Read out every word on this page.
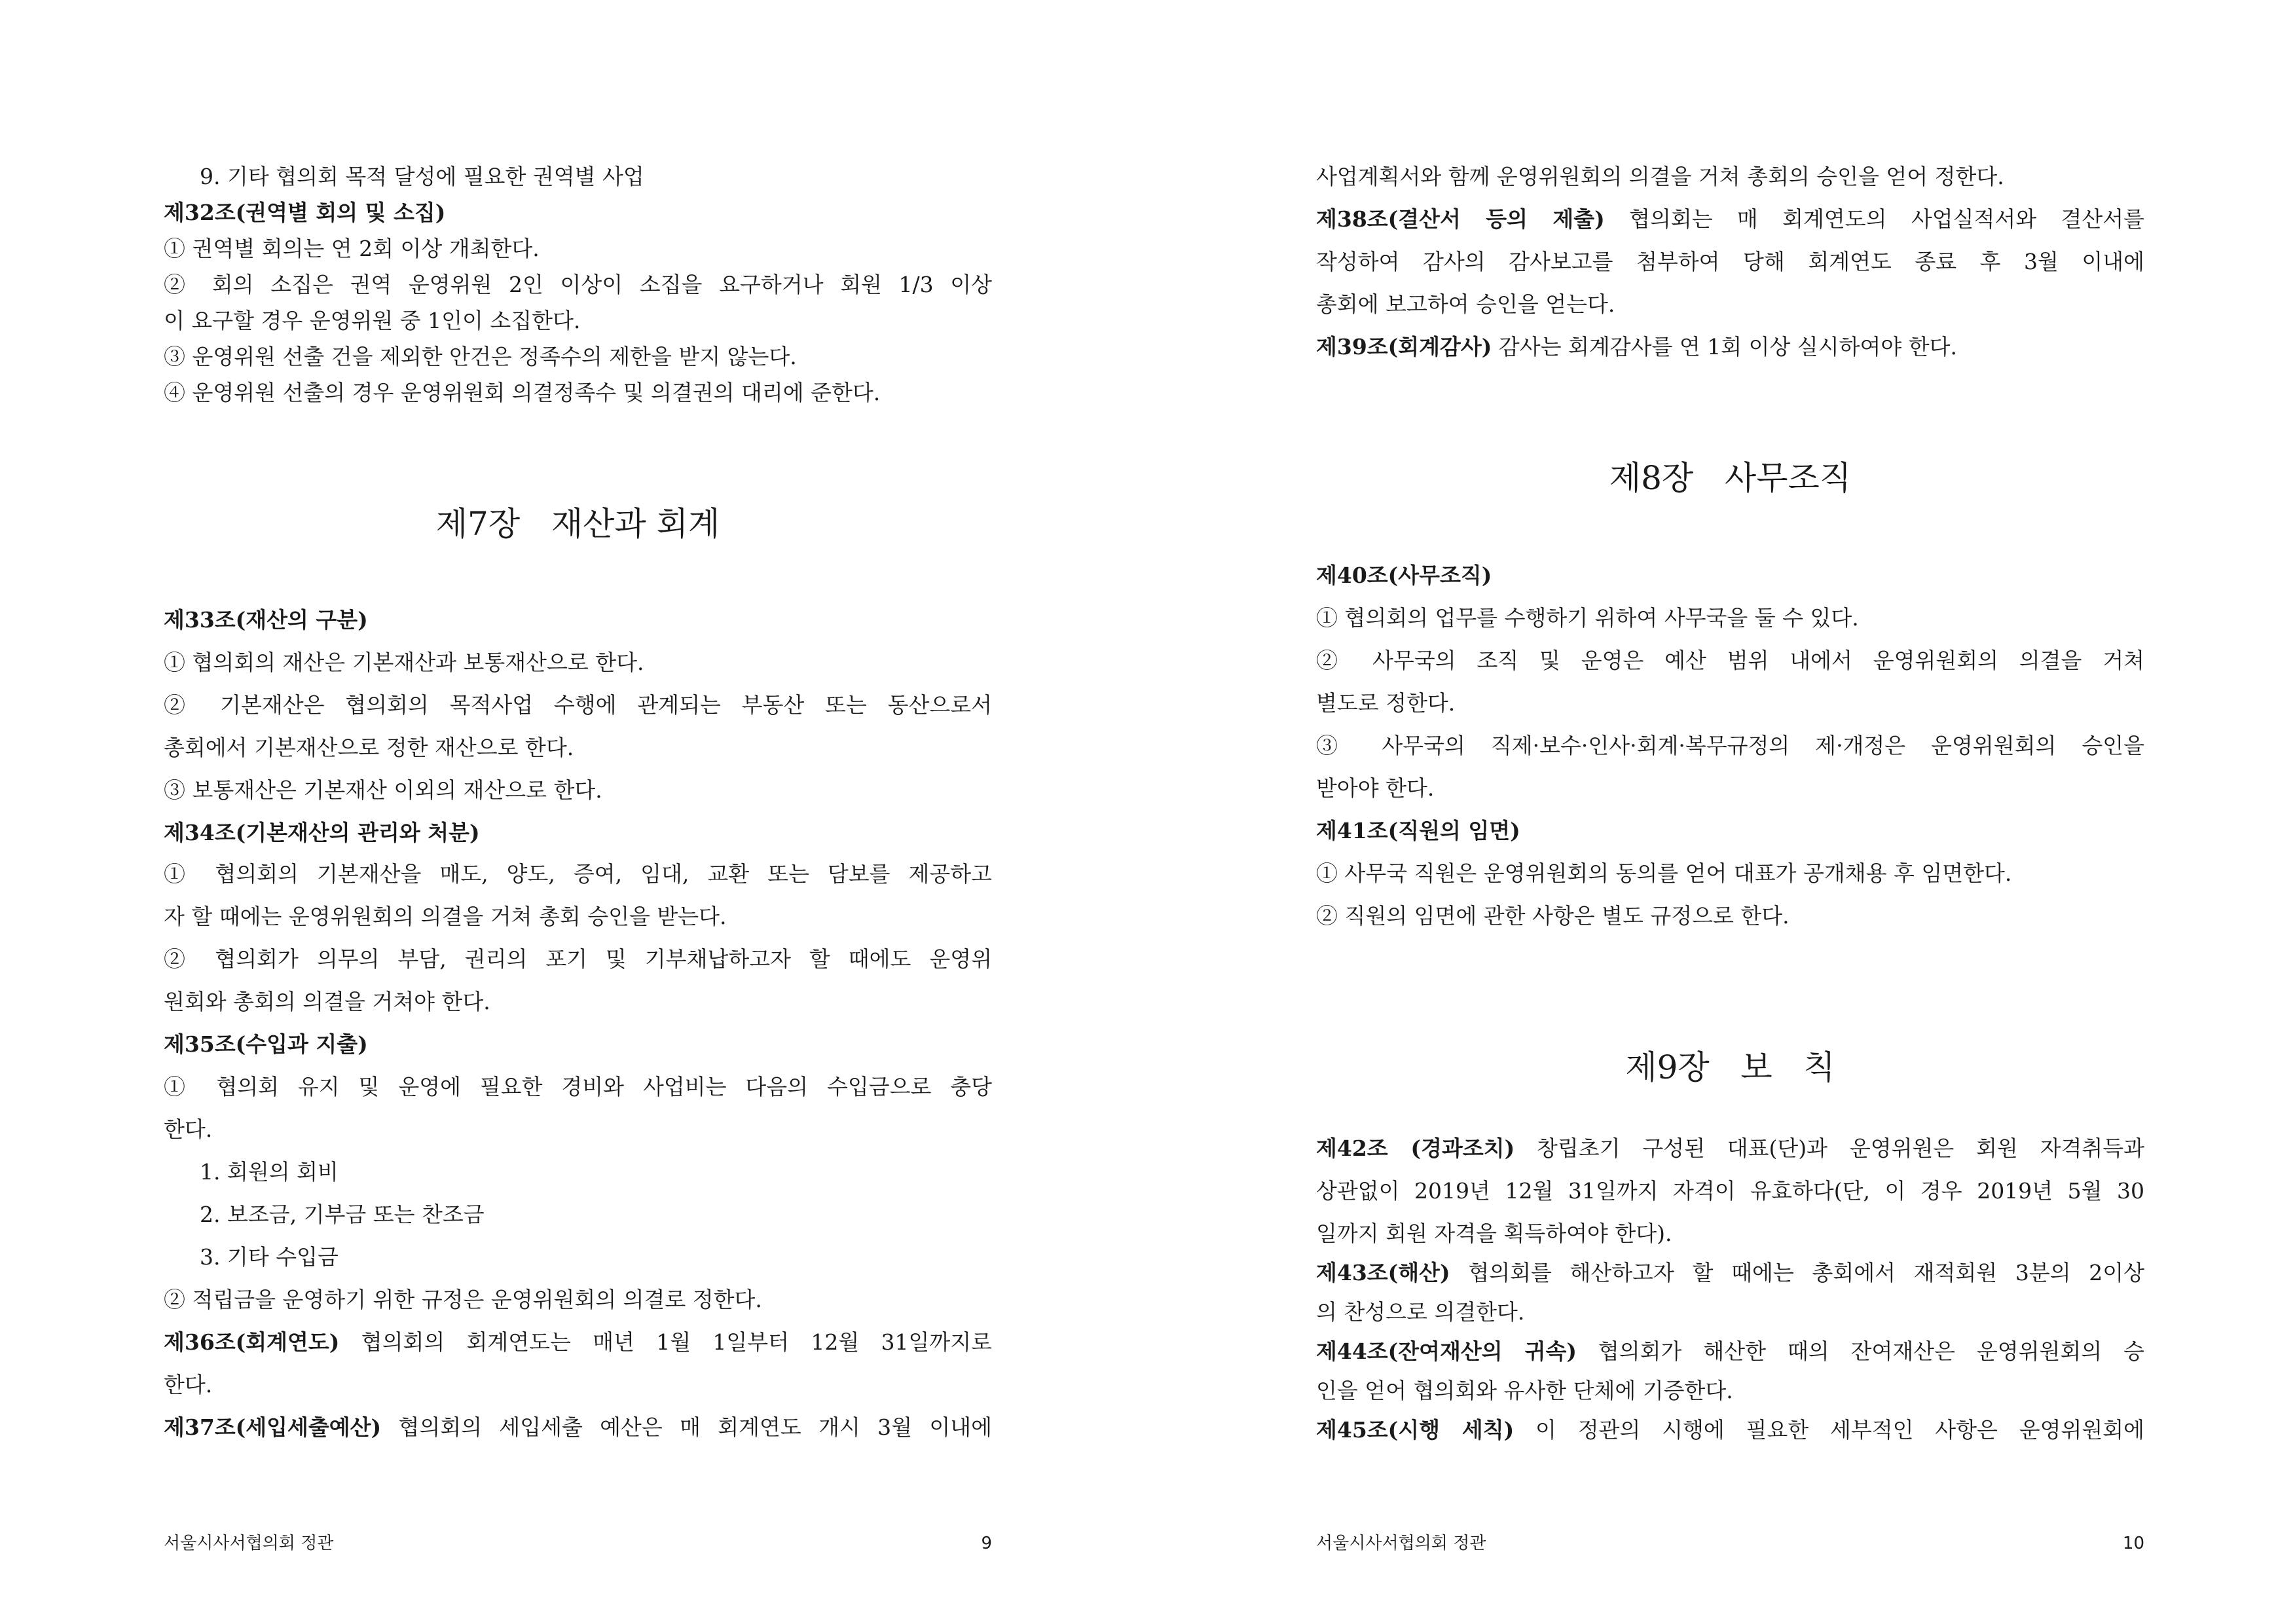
9. 기타 협의회 목적 달성에 필요한 권역별 사업
제32조(권역별 회의 및 소집)
① 권역별 회의는 연 2회 이상 개최한다.
② 회의 소집은 권역 운영위원 2인 이상이 소집을 요구하거나 회원 1/3 이상
이 요구할 경우 운영위원 중 1인이 소집한다.
③ 운영위원 선출 건을 제외한 안건은 정족수의 제한을 받지 않는다.
④ 운영위원 선출의 경우 운영위원회 의결정족수 및 의결권의 대리에 준한다.
제7장   재산과 회계
제33조(재산의 구분)
① 협의회의 재산은 기본재산과 보통재산으로 한다.
② 기본재산은 협의회의 목적사업 수행에 관계되는 부동산 또는 동산으로서
총회에서 기본재산으로 정한 재산으로 한다.
③ 보통재산은 기본재산 이외의 재산으로 한다.
제34조(기본재산의 관리와 처분)
① 협의회의 기본재산을 매도, 양도, 증여, 임대, 교환 또는 담보를 제공하고
자 할 때에는 운영위원회의 의결을 거쳐 총회 승인을 받는다.
② 협의회가 의무의 부담, 권리의 포기 및 기부채납하고자 할 때에도 운영위
원회와 총회의 의결을 거쳐야 한다.
제35조(수입과 지출)
① 협의회 유지 및 운영에 필요한 경비와 사업비는 다음의 수입금으로 충당
한다.
1. 회원의 회비
2. 보조금, 기부금 또는 찬조금
3. 기타 수입금
② 적립금을 운영하기 위한 규정은 운영위원회의 의결로 정한다.
제36조(회계연도) 협의회의 회계연도는 매년 1월 1일부터 12월 31일까지로
한다.
제37조(세입세출예산) 협의회의 세입세출 예산은 매 회계연도 개시 3월 이내에
서울시사서협의회 정관	9
사업계획서와 함께 운영위원회의 의결을 거쳐 총회의 승인을 얻어 정한다.
제38조(결산서 등의 제출) 협의회는 매 회계연도의 사업실적서와 결산서를
작성하여 감사의 감사보고를 첨부하여 당해 회계연도 종료 후 3월 이내에
총회에 보고하여 승인을 얻는다.
제39조(회계감사) 감사는 회계감사를 연 1회 이상 실시하여야 한다.
제8장   사무조직
제40조(사무조직)
① 협의회의 업무를 수행하기 위하여 사무국을 둘 수 있다.
② 사무국의 조직 및 운영은 예산 범위 내에서 운영위원회의 의결을 거쳐
별도로 정한다.
③ 사무국의 직제·보수·인사·회계·복무규정의 제·개정은 운영위원회의 승인을
받아야 한다.
제41조(직원의 임면)
① 사무국 직원은 운영위원회의 동의를 얻어 대표가 공개채용 후 임면한다.
② 직원의 임면에 관한 사항은 별도 규정으로 한다.
제9장   보   칙
제42조 (경과조치) 창립초기 구성된 대표(단)과 운영위원은 회원 자격취득과
상관없이 2019년 12월 31일까지 자격이 유효하다(단, 이 경우 2019년 5월 30
일까지 회원 자격을 획득하여야 한다).
제43조(해산) 협의회를 해산하고자 할 때에는 총회에서 재적회원 3분의 2이상
의 찬성으로 의결한다.
제44조(잔여재산의 귀속) 협의회가 해산한 때의 잔여재산은 운영위원회의 승
인을 얻어 협의회와 유사한 단체에 기증한다.
제45조(시행 세칙) 이 정관의 시행에 필요한 세부적인 사항은 운영위원회에
서울시사서협의회 정관	10
